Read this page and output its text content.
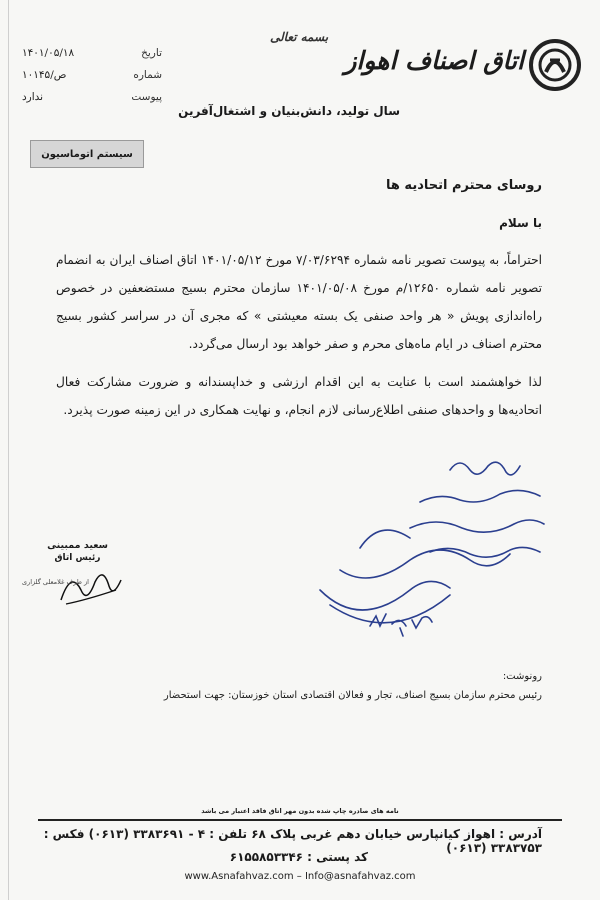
اتاق اصناف اهواز
بسمه تعالی
سال تولید، دانش‌بنیان و اشتغال‌آفرین
تاریخ
۱۴۰۱/۰۵/۱۸
شماره
۱۰۱۴۵/ص
پیوست
ندارد
سیستم اتوماسیون
روسای محترم اتحادیه ها
با سلام
احتراماً، به پیوست تصویر نامه شماره ۷/۰۳/۶۲۹۴ مورخ ۱۴۰۱/۰۵/۱۲ اتاق اصناف ایران به انضمام تصویر نامه شماره ۱۲۶۵۰/م مورخ ۱۴۰۱/۰۵/۰۸ سازمان محترم بسیج مستضعفین در خصوص راه‌اندازی پویش « هر واحد صنفی یک بسته معیشتی » که مجری آن در سراسر کشور بسیج محترم اصناف در ایام ماه‌های محرم و صفر خواهد بود ارسال می‌گردد.
لذا خواهشمند است با عنایت به این اقدام ارزشی و خداپسندانه و ضرورت مشارکت فعال اتحادیه‌ها و واحدهای صنفی اطلاع‌رسانی لازم انجام، و نهایت همکاری در این زمینه صورت پذیرد.
سعید ممبینی
رئیس اتاق
از طرف غلامعلی گلزاری
رونوشت:
رئیس محترم سازمان بسیج اصناف، تجار و فعالان اقتصادی استان خوزستان: جهت استحضار
نامه های صادره چاپ شده بدون مهر اتاق فاقد اعتبار می باشد
آدرس : اهواز کیانپارس خیابان دهم غربی پلاک ۶۸ تلفن : ۴ - ۳۳۸۳۶۹۱ (۰۶۱۳) فکس : ۳۳۸۳۷۵۳ (۰۶۱۳)
کد پستی : ۶۱۵۵۸۵۳۳۴۶
www.Asnafahvaz.com – Info@asnafahvaz.com
